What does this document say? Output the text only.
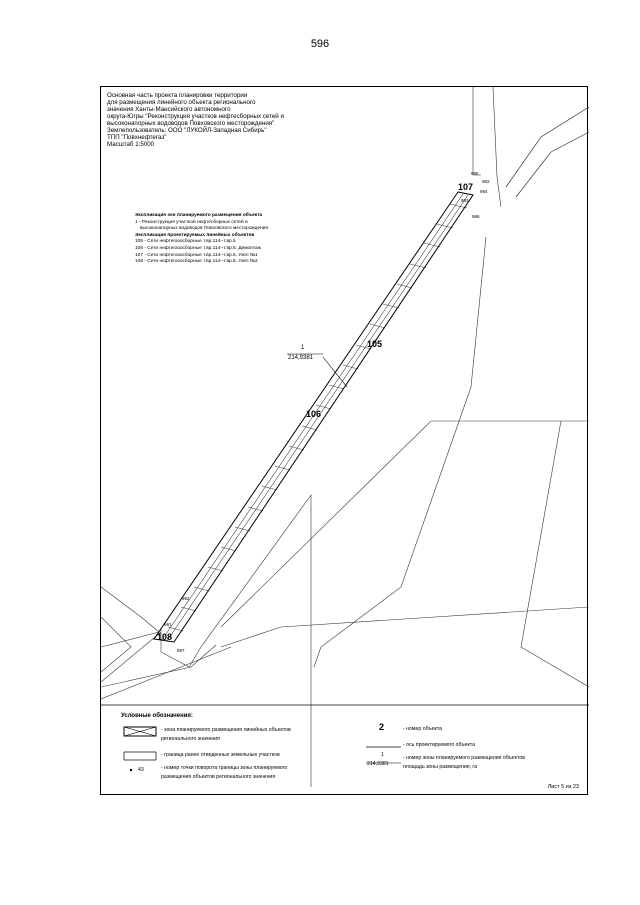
596
Основная часть проекта планировки территории
для размещения линейного объекта регионального
значения Ханты-Мансийского автономного
округа-Югры "Реконструкция участков нефтесборных сетей и
высоконапорных водоводов Повховского месторождения"
Землепользователь: ООО "ЛУКОЙЛ-Западная Сибирь"
ТПП "Повхнефтегаз"
Масштаб 1:5000
Экспликация зон планируемого размещения объекта
1 - Реконструкция участков нефтесборных сетей и
высоконапорных водоводов Повховского месторождения
Экспликация проектируемых линейных объектов
105 - Сети нефтегазосборные т.вр.114--т.вр.5
106 - Сети нефтегазосборные т.вр.114--т.вр.5. Демонтаж
107 - Сети нефтегазосборные т.вр.114--т.вр.5. Узел №1
108 - Сети нефтегазосборные т.вр.114--т.вр.5. Узел №2
105
106
107
108
1
214,9381
995
982
984
983
986
992
991
987
Условные обозначения:
- зона планируемого размещения линейных объектов
регионального значения
- граница ранее отведенных земельных участков
43	- номер точки поворота границы зоны планируемого
размещения объектов регионального значения
2	- номер объекта
- ось проектируемого объекта
1
214,9381
- номер зоны планируемого размещения объектов
площадь зоны размещения, га
Лист 5 из 23
